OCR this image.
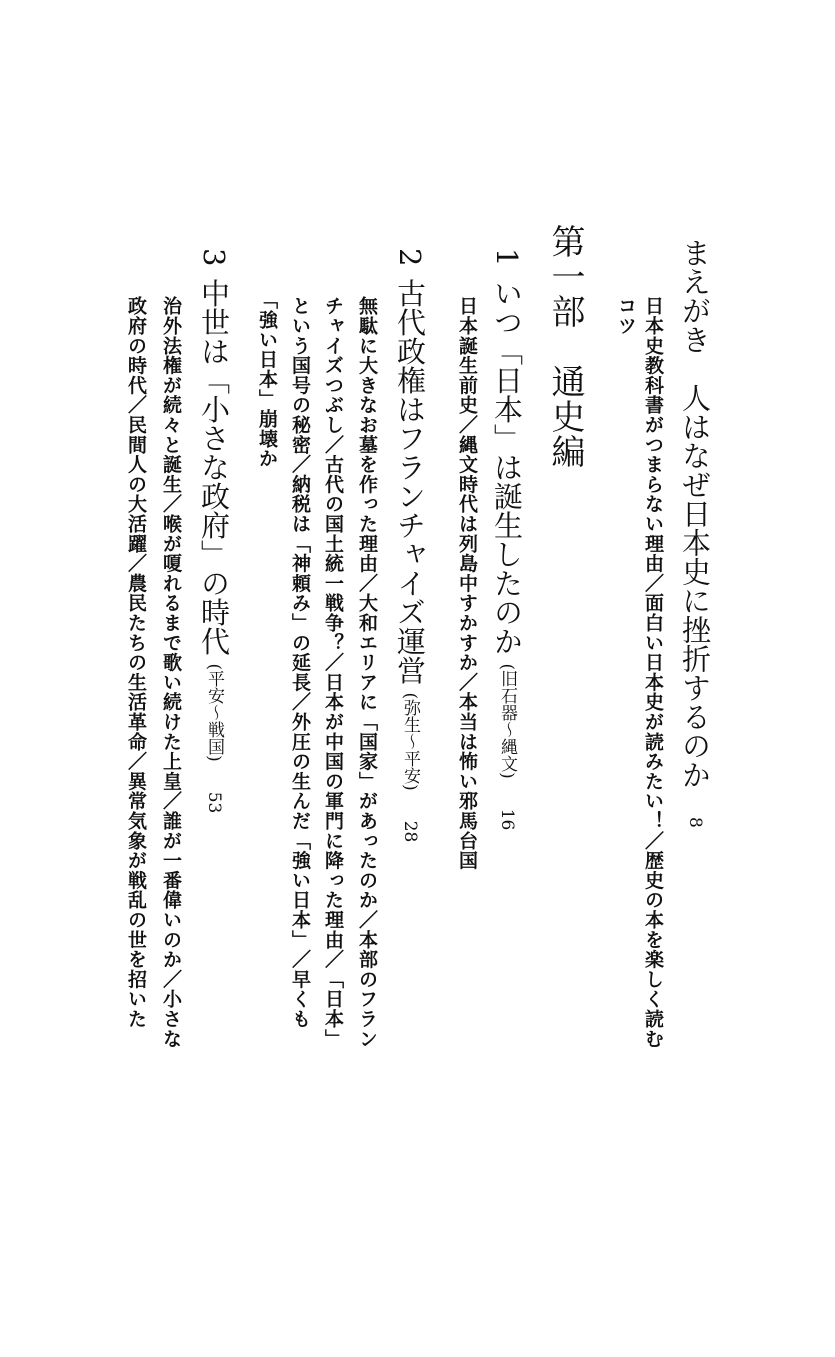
まえがき　人はなぜ日本史に挫折するのか8
日本史教科書がつまらない理由／面白い日本史が読みたい！／歴史の本を楽しく読む
コツ
第一部　通史編
1いつ「日本」は誕生したのか(旧石器〜縄文)16
日本誕生前史／縄文時代は列島中すかすか／本当は怖い邪馬台国
2古代政権はフランチャイズ運営(弥生〜平安)28
無駄に大きなお墓を作った理由／大和エリアに「国家」があったのか／本部のフラン
チャイズつぶし／古代の国土統一戦争？／日本が中国の軍門に降った理由／「日本」
という国号の秘密／納税は「神頼み」の延長／外圧の生んだ「強い日本」／早くも
「強い日本」崩壊か
3中世は「小さな政府」の時代(平安〜戦国)53
治外法権が続々と誕生／喉が嗄れるまで歌い続けた上皇／誰が一番偉いのか／小さな
政府の時代／民間人の大活躍／農民たちの生活革命／異常気象が戦乱の世を招いた
